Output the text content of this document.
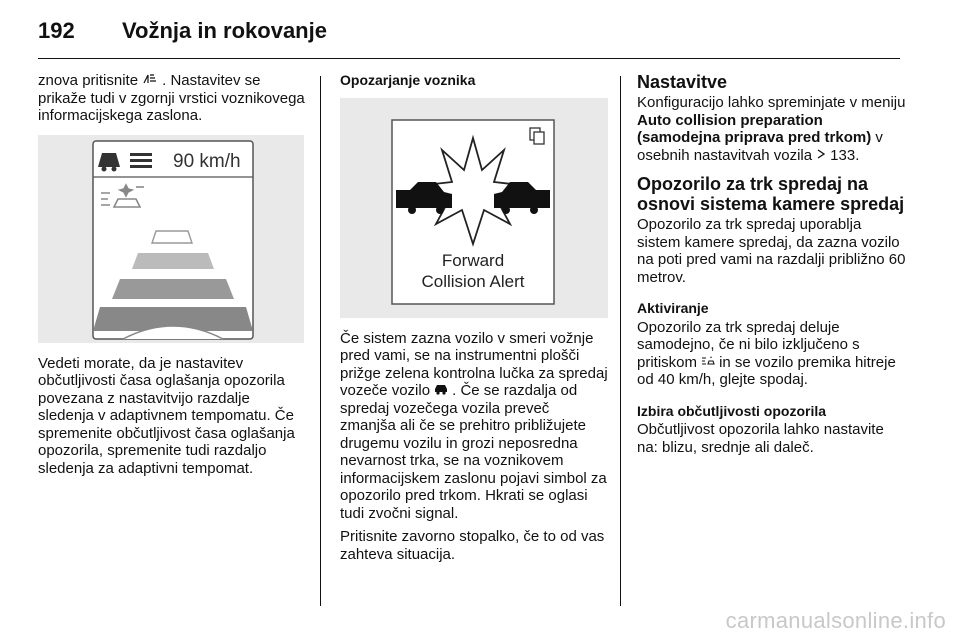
192	Vožnja in rokovanje

znova pritisnite  . Nastavitev se prikaže tudi v zgornji vrstici voznikovega informacijskega zaslona.

90 km/h

Vedeti morate, da je nastavitev občutljivosti časa oglašanja opozorila povezana z nastavitvijo razdalje sledenja v adaptivnem tempomatu. Če spremenite občutljivost časa oglašanja opozorila, spremenite tudi razdaljo sledenja za adaptivni tempomat.

Opozarjanje voznika
Forward
Collision Alert

Če sistem zazna vozilo v smeri vožnje pred vami, se na instrumentni plošči prižge zelena kontrolna lučka za spredaj vozeče vozilo  . Če se razdalja od spredaj vozečega vozila preveč zmanjša ali če se prehitro približujete drugemu vozilu in grozi neposredna nevarnost trka, se na voznikovem informacijskem zaslonu pojavi simbol za opozorilo pred trkom. Hkrati se oglasi tudi zvočni signal.

Pritisnite zavorno stopalko, če to od vas zahteva situacija.

Nastavitve

Konfiguracijo lahko spreminjate v meniju Auto collision preparation (samodejna priprava pred trkom) v osebnih nastavitvah vozila  133.

Opozorilo za trk spredaj na osnovi sistema kamere spredaj

Opozorilo za trk spredaj uporablja sistem kamere spredaj, da zazna vozilo na poti pred vami na razdalji približno 60 metrov.

Aktiviranje

Opozorilo za trk spredaj deluje samodejno, če ni bilo izključeno s pritiskom  in se vozilo premika hitreje od 40 km/h, glejte spodaj.

Izbira občutljivosti opozorila

Občutljivost opozorila lahko nastavite na: blizu, srednje ali daleč.

carmanualsonline.info
